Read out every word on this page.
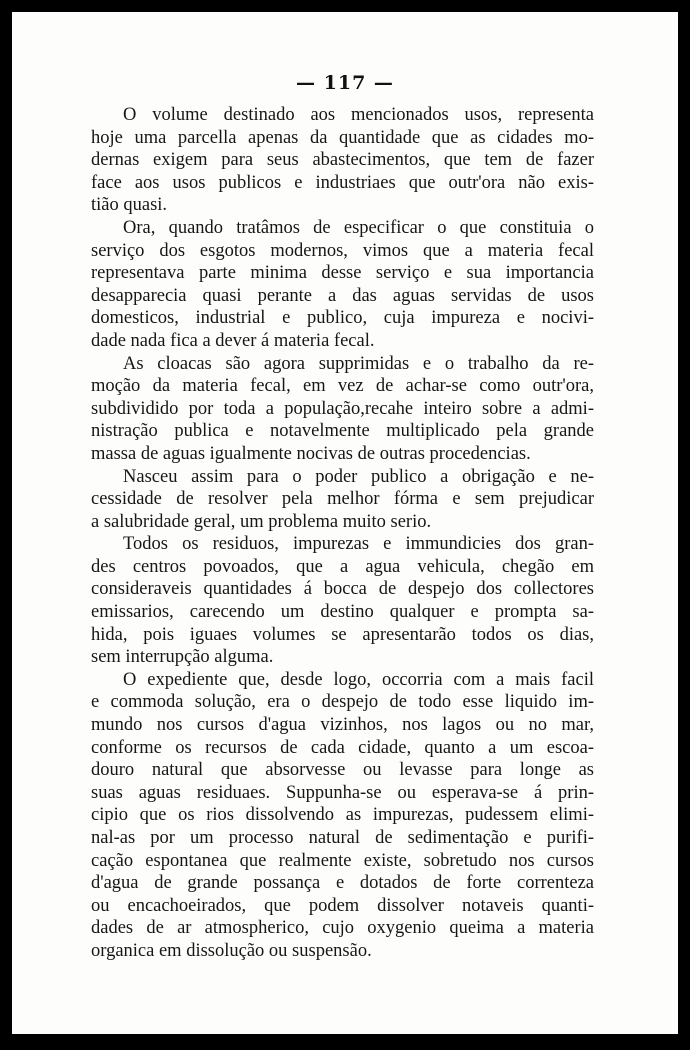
— 117 —
O volume destinado aos mencionados usos, representa
hoje uma parcella apenas da quantidade que as cidades mo-
dernas exigem para seus abastecimentos, que tem de fazer
face aos usos publicos e industriaes que outr'ora não exis-
tião quasi.
Ora, quando tratâmos de especificar o que constituia o
serviço dos esgotos modernos, vimos que a materia fecal
representava parte minima desse serviço e sua importancia
desapparecia quasi perante a das aguas servidas de usos
domesticos, industrial e publico, cuja impureza e nocivi-
dade nada fica a dever á materia fecal.
As cloacas são agora supprimidas e o trabalho da re-
moção da materia fecal, em vez de achar-se como outr'ora,
subdividido por toda a população,recahe inteiro sobre a admi-
nistração publica e notavelmente multiplicado pela grande
massa de aguas igualmente nocivas de outras procedencias.
Nasceu assim para o poder publico a obrigação e ne-
cessidade de resolver pela melhor fórma e sem prejudicar
a salubridade geral, um problema muito serio.
Todos os residuos, impurezas e immundicies dos gran-
des centros povoados, que a agua vehicula, chegão em
consideraveis quantidades á bocca de despejo dos collectores
emissarios, carecendo um destino qualquer e prompta sa-
hida, pois iguaes volumes se apresentarão todos os dias,
sem interrupção alguma.
O expediente que, desde logo, occorria com a mais facil
e commoda solução, era o despejo de todo esse liquido im-
mundo nos cursos d'agua vizinhos, nos lagos ou no mar,
conforme os recursos de cada cidade, quanto a um escoa-
douro natural que absorvesse ou levasse para longe as
suas aguas residuaes. Suppunha-se ou esperava-se á prin-
cipio que os rios dissolvendo as impurezas, pudessem elimi-
nal-as por um processo natural de sedimentação e purifi-
cação espontanea que realmente existe, sobretudo nos cursos
d'agua de grande possança e dotados de forte correnteza
ou encachoeirados, que podem dissolver notaveis quanti-
dades de ar atmospherico, cujo oxygenio queima a materia
organica em dissolução ou suspensão.
